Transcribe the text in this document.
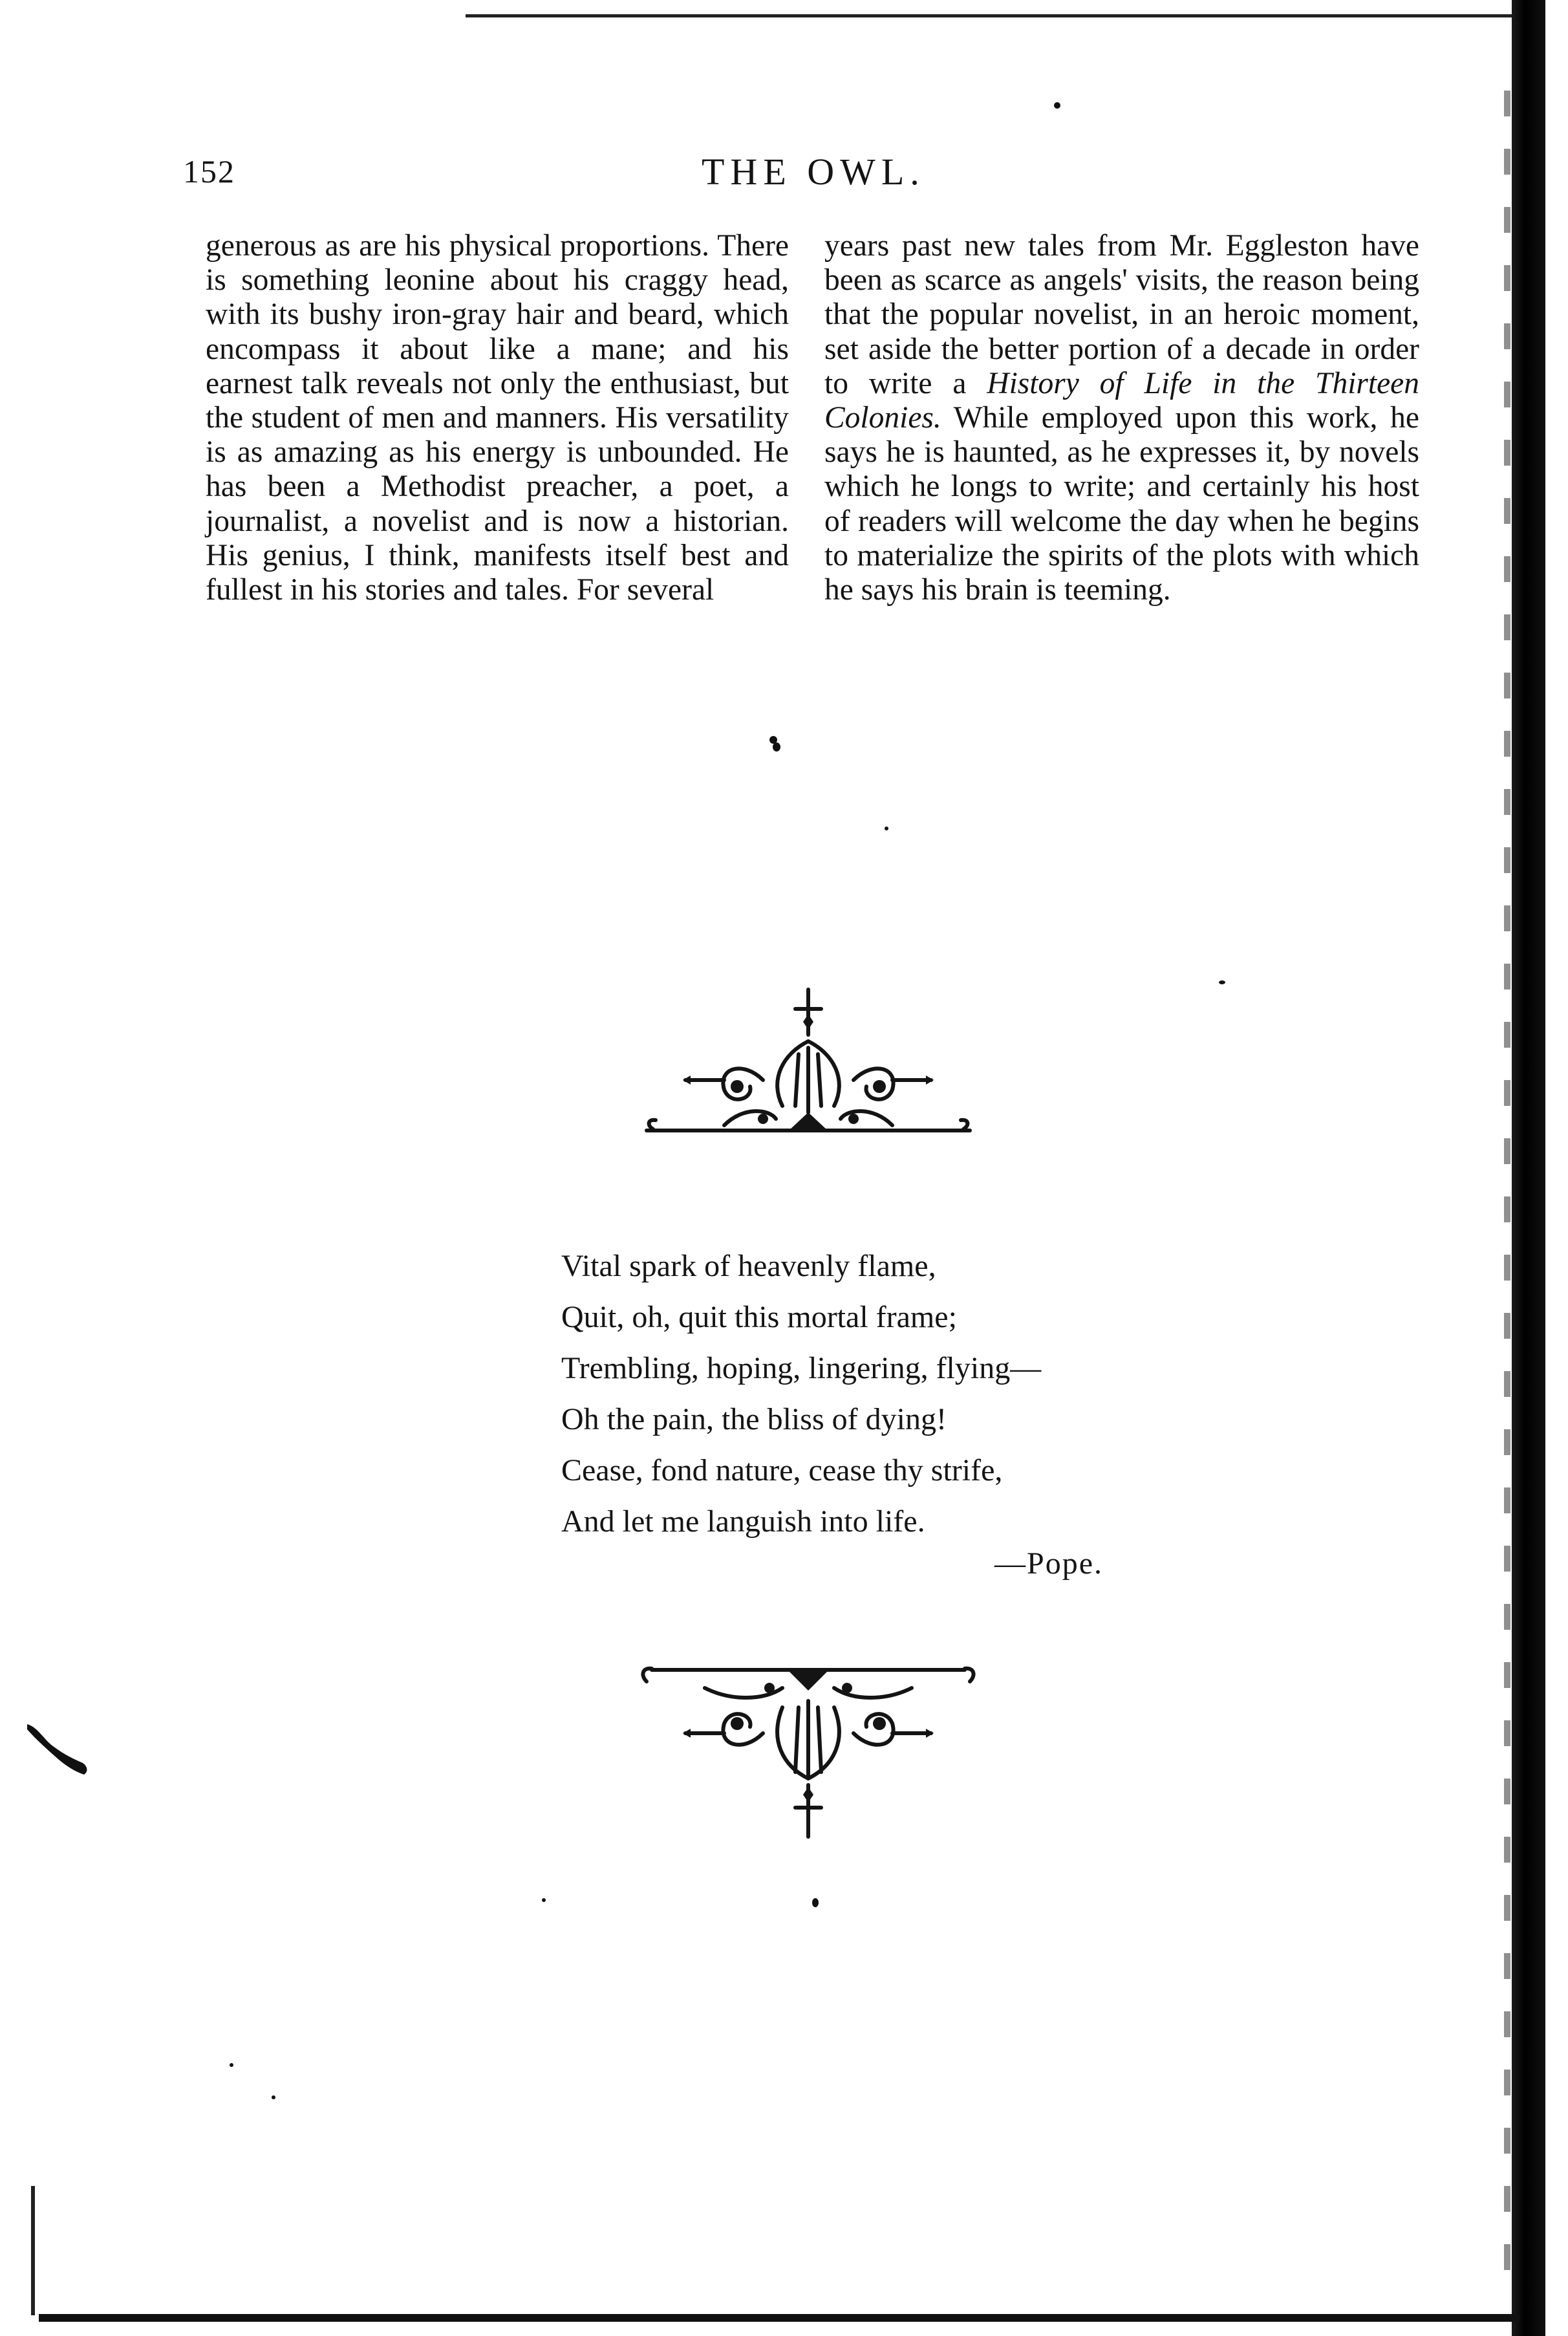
152	THE OWL.

generous as are his physical proportions. There is something leonine about his craggy head, with its bushy iron-gray hair and beard, which encompass it about like a mane; and his earnest talk reveals not only the enthusiast, but the student of men and manners. His versatility is as amazing as his energy is unbounded. He has been a Methodist preacher, a poet, a journalist, a novelist and is now a historian. His genius, I think, manifests itself best and fullest in his stories and tales. For several

years past new tales from Mr. Eggleston have been as scarce as angels' visits, the reason being that the popular novelist, in an heroic moment, set aside the better portion of a decade in order to write a History of Life in the Thirteen Colonies. While employed upon this work, he says he is haunted, as he expresses it, by novels which he longs to write; and certainly his host of readers will welcome the day when he begins to materialize the spirits of the plots with which he says his brain is teeming.

Vital spark of heavenly flame,
Quit, oh, quit this mortal frame;
Trembling, hoping, lingering, flying—
Oh the pain, the bliss of dying!
Cease, fond nature, cease thy strife,
And let me languish into life.
—Pope.
